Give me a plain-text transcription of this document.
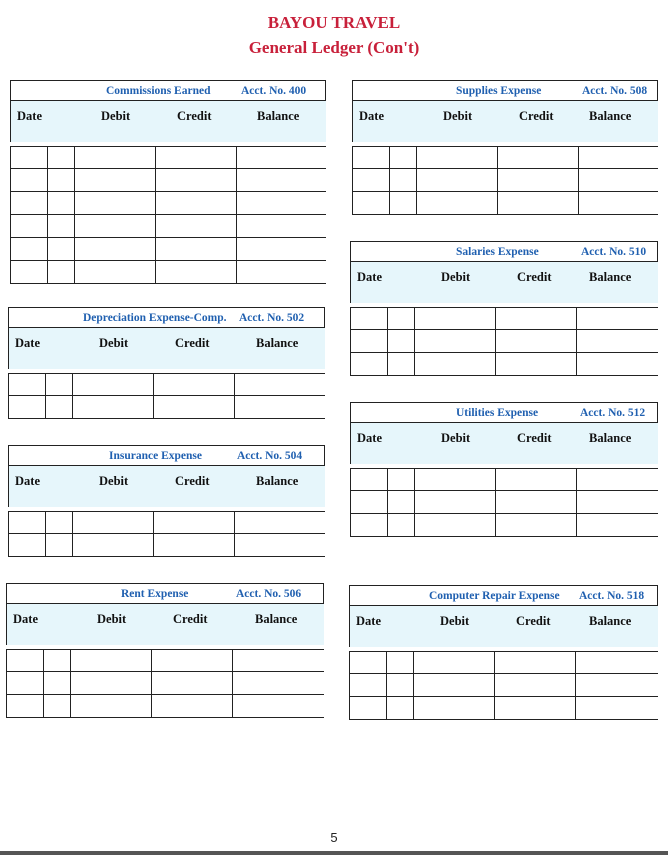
BAYOU TRAVEL
General Ledger (Con't)
Commissions Earned	Acct. No. 400
Date	Debit	Credit	Balance
Depreciation Expense-Comp. Acct. No. 502
Date	Debit	Credit	Balance
Insurance Expense	Acct. No. 504
Date	Debit	Credit	Balance
Rent Expense	Acct. No. 506
Date	Debit	Credit	Balance
Supplies Expense	Acct. No. 508
Date	Debit	Credit	Balance
Salaries Expense	Acct. No. 510
Date	Debit	Credit	Balance
Utilities Expense	Acct. No. 512
Date	Debit	Credit	Balance
Computer Repair Expense Acct. No. 518
Date	Debit	Credit	Balance
5
